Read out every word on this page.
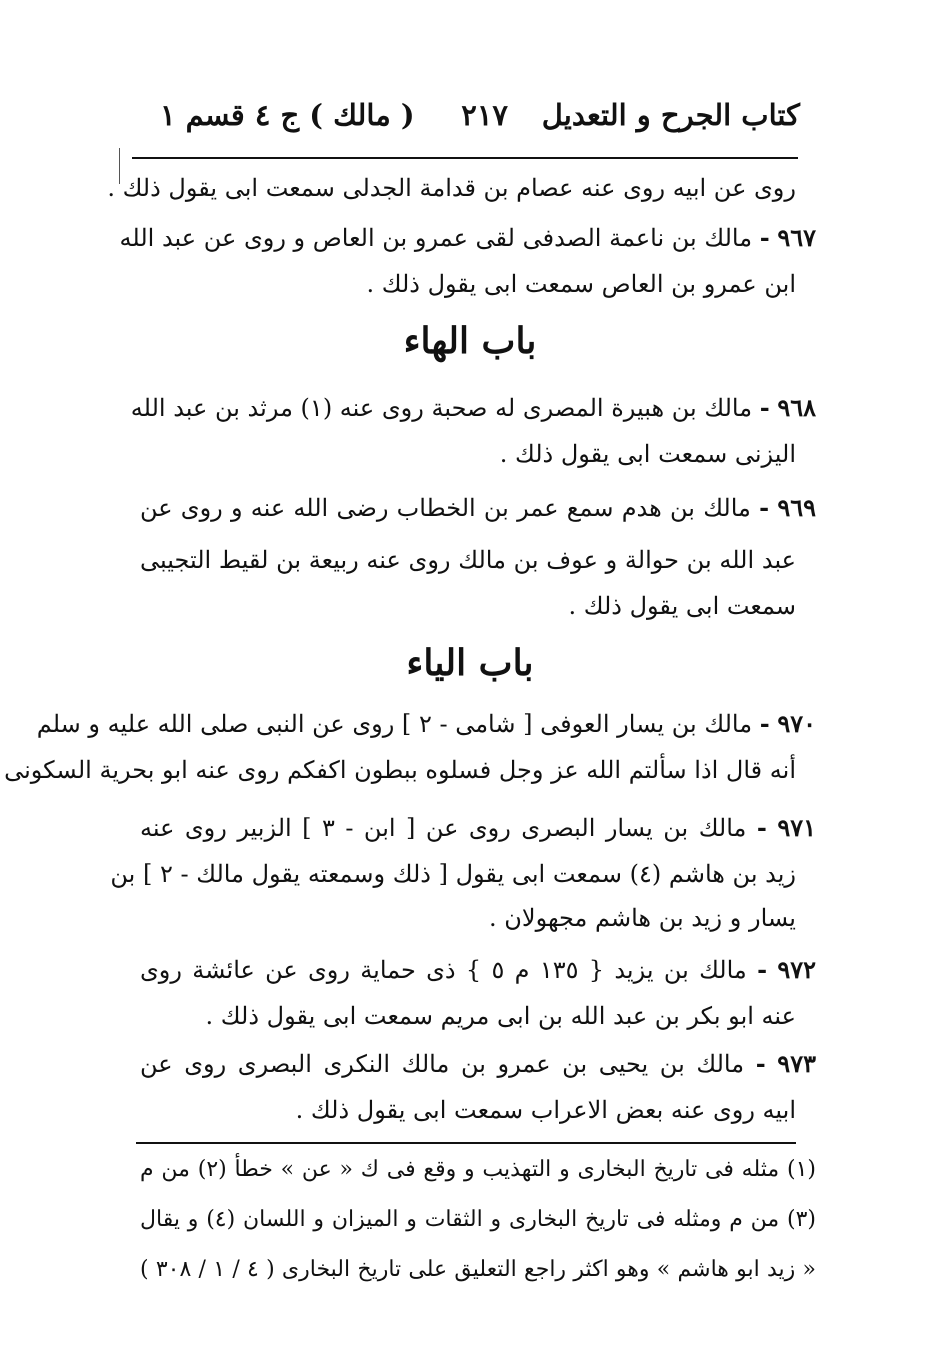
كتاب الجرح و التعديل
٢١٧
( مالك ) ج ٤ قسم ١
روى عن ابيه روى عنه عصام بن قدامة الجدلى سمعت ابى يقول ذلك .
٩٦٧ - مالك بن ناعمة الصدفى لقى عمرو بن العاص و روى عن عبد الله
ابن عمرو بن العاص سمعت ابى يقول ذلك .
باب الهاء
٩٦٨ - مالك بن هبيرة المصرى له صحبة روى عنه (١) مرثد بن عبد الله
اليزنى سمعت ابى يقول ذلك .
٩٦٩ - مالك بن هدم سمع عمر بن الخطاب رضى الله عنه و روى عن
عبد الله بن حوالة و عوف بن مالك روى عنه ربيعة بن لقيط التجيبى
سمعت ابى يقول ذلك .
باب الياء
٩٧٠ - مالك بن يسار العوفى [ شامى - ٢ ] روى عن النبى صلى الله عليه و سلم
أنه قال اذا سألتم الله عز وجل فسلوه ببطون اكفكم روى عنه ابو بحرية السكونى
٩٧١ - مالك بن يسار البصرى روى عن [ ابن - ٣ ] الزبير روى عنه
زيد بن هاشم (٤) سمعت ابى يقول [ ذلك وسمعته يقول مالك - ٢ ] بن
يسار و زيد بن هاشم مجهولان .
٩٧٢ - مالك بن يزيد { ١٣٥ م ٥ } ذى حماية روى عن عائشة روى
عنه ابو بكر بن عبد الله بن ابى مريم سمعت ابى يقول ذلك .
٩٧٣ - مالك بن يحيى بن عمرو بن مالك النكرى البصرى روى عن
ابيه روى عنه بعض الاعراب سمعت ابى يقول ذلك .
(١) مثله فى تاريخ البخارى و التهذيب و وقع فى ك « عن » خطأ (٢) من م
(٣) من م ومثله فى تاريخ البخارى و الثقات و الميزان و اللسان (٤) و يقال
« زيد ابو هاشم » وهو اكثر راجع التعليق على تاريخ البخارى ( ٤ / ١ / ٣٠٨ )
